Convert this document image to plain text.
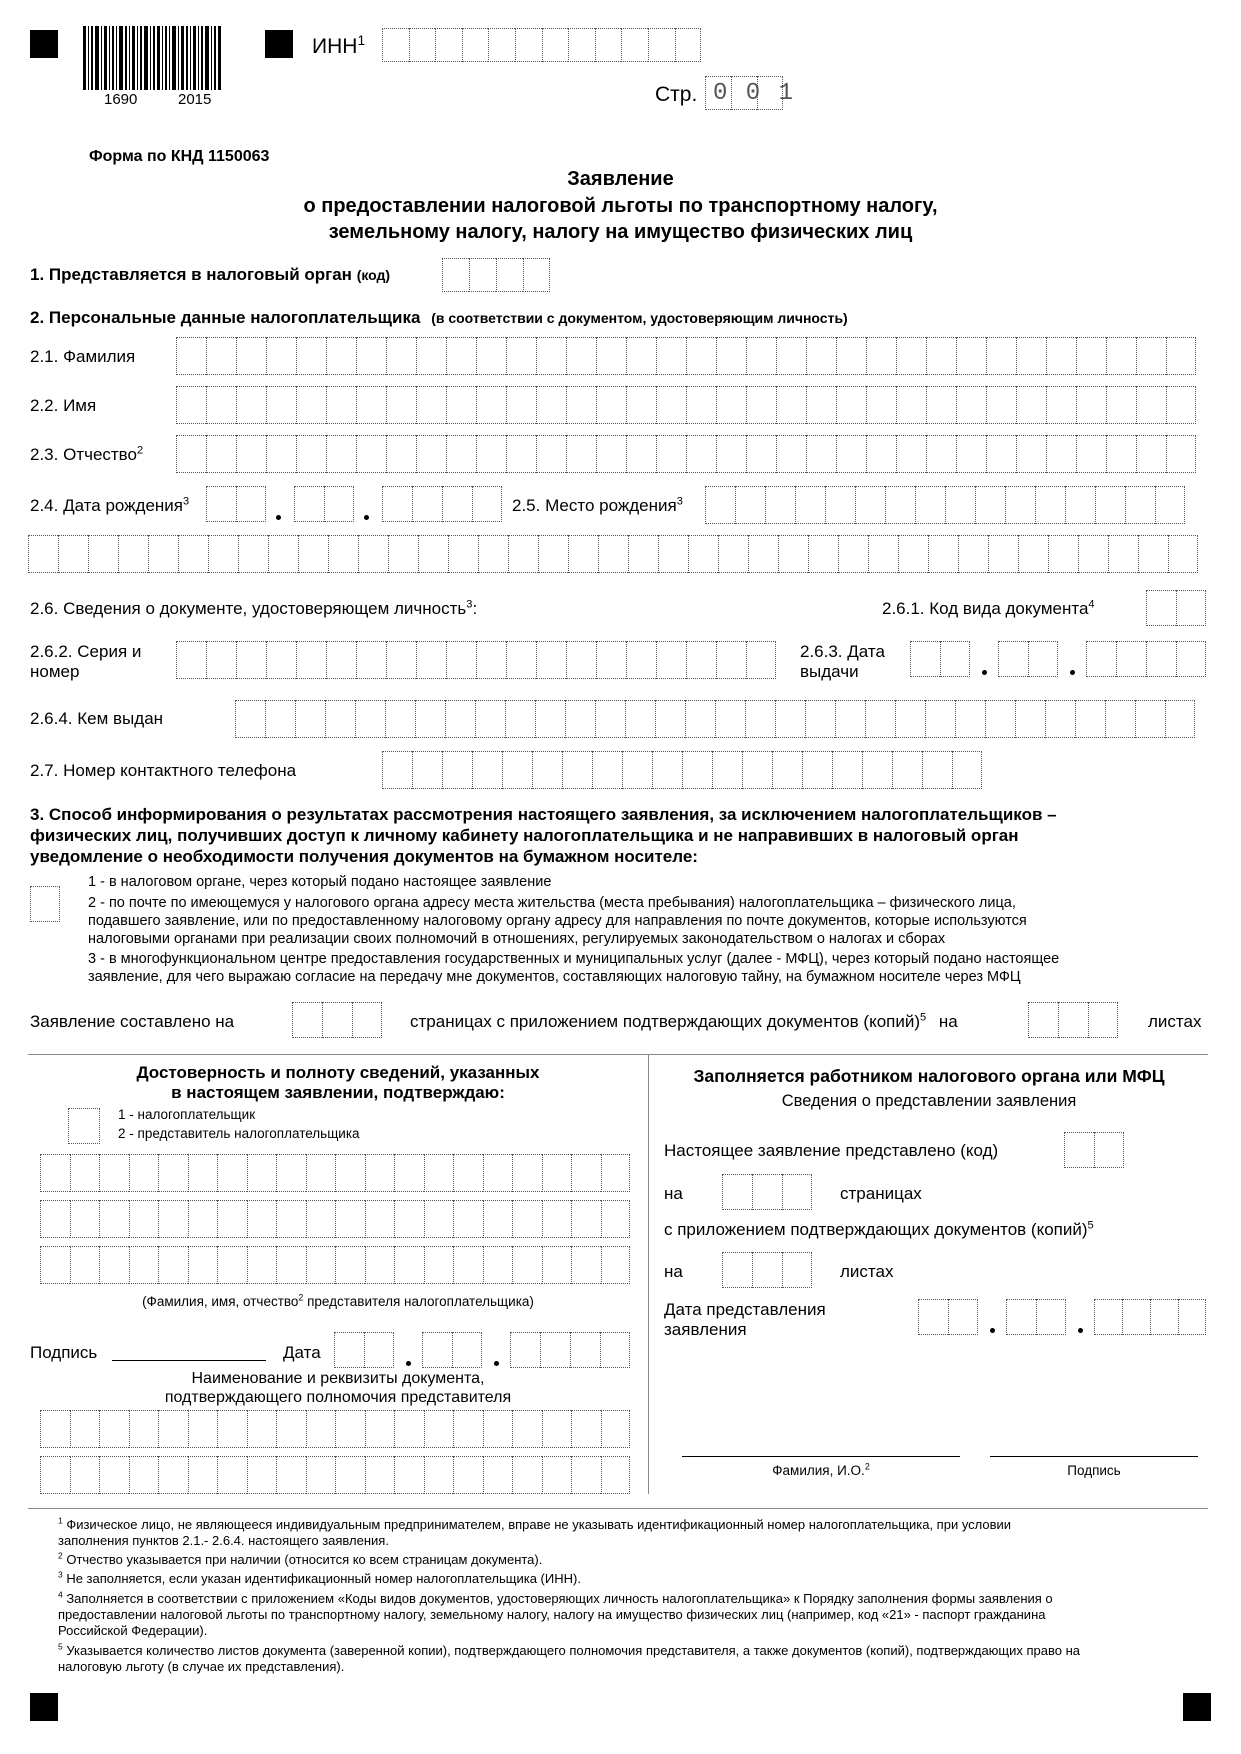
1690	2015
ИНН$^1$
Стр. 0 0 1
Форма по КНД 1150063
Заявление
о предоставлении налоговой льготы по транспортному налогу,
земельному налогу, налогу на имущество физических лиц
1. Представляется в налоговый орган (код)
2. Персональные данные налогоплательщика (в соответствии с документом, удостоверяющим личность)
2.1. Фамилия
2.2. Имя
2.3. Отчество$^2$
2.4. Дата рождения$^3$	2.5. Место рождения$^3$
2.6. Сведения о документе, удостоверяющем личность$^3$:	2.6.1. Код вида документа$^4$
2.6.2. Серия и
номер
2.6.3. Дата
выдачи
2.6.4. Кем выдан
2.7. Номер контактного телефона
3. Способ информирования о результатах рассмотрения настоящего заявления, за исключением налогоплательщиков –
физических лиц, получивших доступ к личному кабинету налогоплательщика и не направивших в налоговый орган
уведомление о необходимости получения документов на бумажном носителе:
1 - в налоговом органе, через который подано настоящее заявление
2 - по почте по имеющемуся у налогового органа адресу места жительства (места пребывания) налогоплательщика – физического лица,
подавшего заявление, или по предоставленному налоговому органу адресу для направления по почте документов, которые используются
налоговыми органами при реализации своих полномочий в отношениях, регулируемых законодательством о налогах и сборах
3 - в многофункциональном центре предоставления государственных и муниципальных услуг (далее - МФЦ), через который подано настоящее
заявление, для чего выражаю согласие на передачу мне документов, составляющих налоговую тайну, на бумажном носителе через МФЦ
Заявление составлено на	страницах с приложением подтверждающих документов (копий)$^5$ на	листах
Достоверность и полноту сведений, указанных
в настоящем заявлении, подтверждаю:
1 - налогоплательщик
2 - представитель налогоплательщика
(Фамилия, имя, отчество$^2$ представителя налогоплательщика)
Подпись	Дата
Наименование и реквизиты документа,
подтверждающего полномочия представителя
Заполняется работником налогового органа или МФЦ
Сведения о представлении заявления
Настоящее заявление представлено (код)
на	страницах
с приложением подтверждающих документов (копий)$^5$
на	листах
Дата представления
заявления
Фамилия, И.О.$^2$	Подпись
$^1$ Физическое лицо, не являющееся индивидуальным предпринимателем, вправе не указывать идентификационный номер налогоплательщика, при условии
заполнения пунктов 2.1.- 2.6.4. настоящего заявления.
$^2$ Отчество указывается при наличии (относится ко всем страницам документа).
$^3$ Не заполняется, если указан идентификационный номер налогоплательщика (ИНН).
$^4$ Заполняется в соответствии с приложением «Коды видов документов, удостоверяющих личность налогоплательщика» к Порядку заполнения формы заявления о
предоставлении налоговой льготы по транспортному налогу, земельному налогу, налогу на имущество физических лиц (например, код «21» - паспорт гражданина
Российской Федерации).
$^5$ Указывается количество листов документа (заверенной копии), подтверждающего полномочия представителя, а также документов (копий), подтверждающих право на
налоговую льготу (в случае их представления).
